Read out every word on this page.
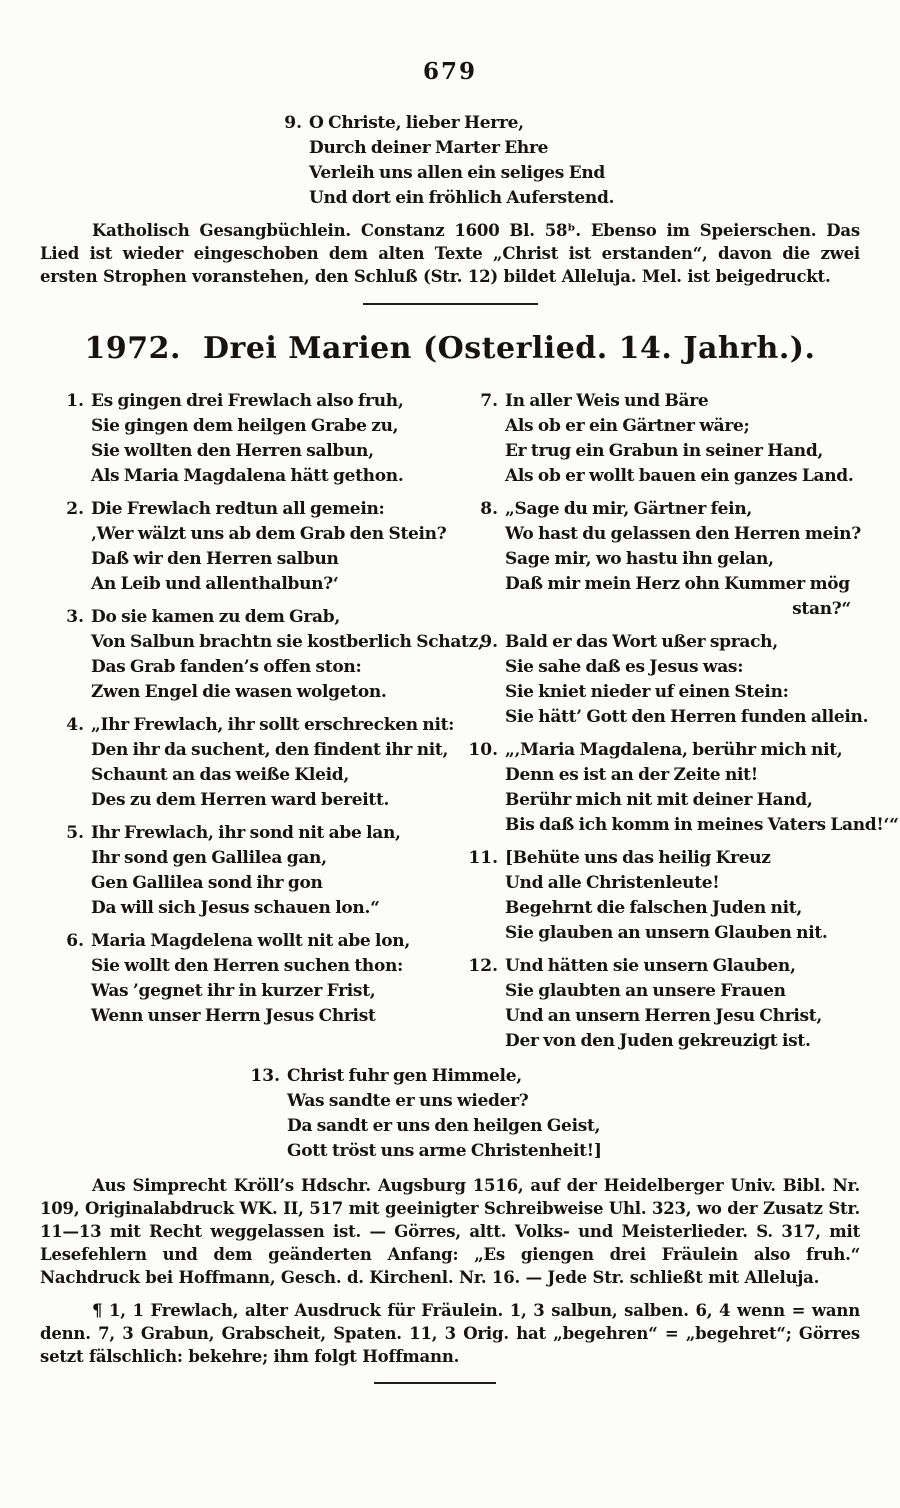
679
9. O Christe, lieber Herre,
Durch deiner Marter Ehre
Verleih uns allen ein seliges End
Und dort ein fröhlich Auferstend.

Katholisch Gesangbüchlein. Constanz 1600 Bl. 58ᵇ. Ebenso im Speierschen. Das Lied ist wieder eingeschoben dem alten Texte „Christ ist erstanden“, davon die zwei ersten Strophen voranstehen, den Schluß (Str. 12) bildet Alleluja. Mel. ist beigedruckt.

1972. Drei Marien (Osterlied. 14. Jahrh.).
1. Es gingen drei Frewlach also fruh,
Sie gingen dem heilgen Grabe zu,
Sie wollten den Herren salbun,
Als Maria Magdalena hätt gethon.
2. Die Frewlach redtun all gemein:
‚Wer wälzt uns ab dem Grab den Stein?
Daß wir den Herren salbun
An Leib und allenthalbun?‘
3. Do sie kamen zu dem Grab,
Von Salbun brachtn sie kostberlich Schatz,
Das Grab fanden’s offen ston:
Zwen Engel die wasen wolgeton.
4. „Ihr Frewlach, ihr sollt erschrecken nit:
Den ihr da suchent, den findent ihr nit,
Schaunt an das weiße Kleid,
Des zu dem Herren ward bereitt.
5. Ihr Frewlach, ihr sond nit abe lan,
Ihr sond gen Gallilea gan,
Gen Gallilea sond ihr gon
Da will sich Jesus schauen lon.“
6. Maria Magdelena wollt nit abe lon,
Sie wollt den Herren suchen thon:
Was ’gegnet ihr in kurzer Frist,
Wenn unser Herrn Jesus Christ
7. In aller Weis und Bäre
Als ob er ein Gärtner wäre;
Er trug ein Grabun in seiner Hand,
Als ob er wollt bauen ein ganzes Land.
8. „Sage du mir, Gärtner fein,
Wo hast du gelassen den Herren mein?
Sage mir, wo hastu ihn gelan,
Daß mir mein Herz ohn Kummer mög
stan?“
9. Bald er das Wort ußer sprach,
Sie sahe daß es Jesus was:
Sie kniet nieder uf einen Stein:
Sie hätt’ Gott den Herren funden allein.
10. „‚Maria Magdalena, berühr mich nit,
Denn es ist an der Zeite nit!
Berühr mich nit mit deiner Hand,
Bis daß ich komm in meines Vaters Land!‘“
11. [Behüte uns das heilig Kreuz
Und alle Christenleute!
Begehrnt die falschen Juden nit,
Sie glauben an unsern Glauben nit.
12. Und hätten sie unsern Glauben,
Sie glaubten an unsere Frauen
Und an unsern Herren Jesu Christ,
Der von den Juden gekreuzigt ist.
13. Christ fuhr gen Himmele,
Was sandte er uns wieder?
Da sandt er uns den heilgen Geist,
Gott tröst uns arme Christenheit!]

Aus Simprecht Kröll’s Hdschr. Augsburg 1516, auf der Heidelberger Univ. Bibl. Nr. 109, Originalabdruck WK. II, 517 mit geeinigter Schreibweise Uhl. 323, wo der Zusatz Str. 11—13 mit Recht weggelassen ist. — Görres, altt. Volks- und Meisterlieder. S. 317, mit Lesefehlern und dem geänderten Anfang: „Es giengen drei Fräulein also fruh.“ Nachdruck bei Hoffmann, Gesch. d. Kirchenl. Nr. 16. — Jede Str. schließt mit Alleluja.

¶ 1, 1 Frewlach, alter Ausdruck für Fräulein. 1, 3 salbun, salben. 6, 4 wenn = wann denn. 7, 3 Grabun, Grabscheit, Spaten. 11, 3 Orig. hat „begehren“ = „begehret“; Görres setzt fälschlich: bekehre; ihm folgt Hoffmann.
